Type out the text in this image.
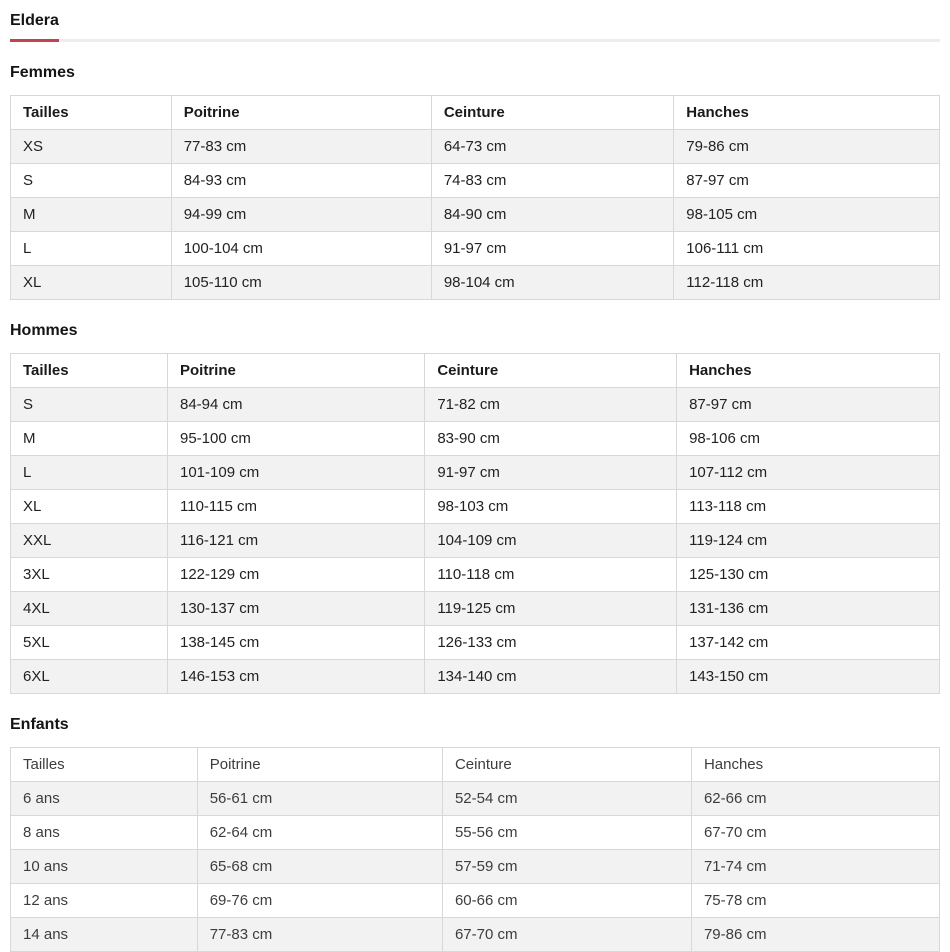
Eldera
Femmes
Tailles	Poitrine	Ceinture	Hanches
XS	77-83 cm	64-73 cm	79-86 cm
S	84-93 cm	74-83 cm	87-97 cm
M	94-99 cm	84-90 cm	98-105 cm
L	100-104 cm	91-97 cm	106-111 cm
XL	105-110 cm	98-104 cm	112-118 cm
Hommes
Tailles	Poitrine	Ceinture	Hanches
S	84-94 cm	71-82 cm	87-97 cm
M	95-100 cm	83-90 cm	98-106 cm
L	101-109 cm	91-97 cm	107-112 cm
XL	110-115 cm	98-103 cm	113-118 cm
XXL	116-121 cm	104-109 cm	119-124 cm
3XL	122-129 cm	110-118 cm	125-130 cm
4XL	130-137 cm	119-125 cm	131-136 cm
5XL	138-145 cm	126-133 cm	137-142 cm
6XL	146-153 cm	134-140 cm	143-150 cm
Enfants
Tailles	Poitrine	Ceinture	Hanches
6 ans	56-61 cm	52-54 cm	62-66 cm
8 ans	62-64 cm	55-56 cm	67-70 cm
10 ans	65-68 cm	57-59 cm	71-74 cm
12 ans	69-76 cm	60-66 cm	75-78 cm
14 ans	77-83 cm	67-70 cm	79-86 cm
